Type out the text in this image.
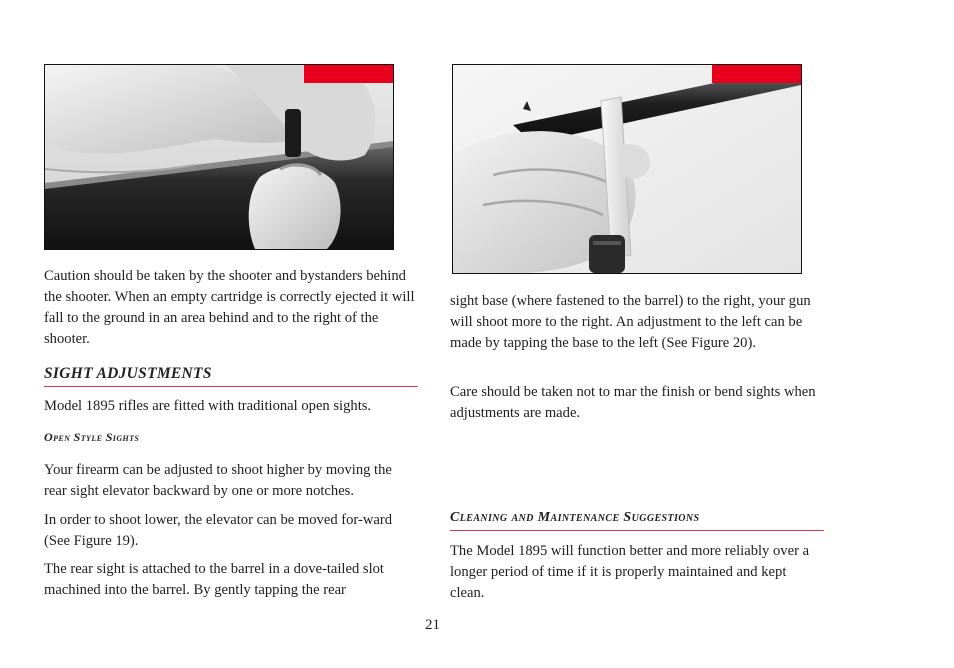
Caution should be taken by the shooter and bystanders behind the shooter. When an empty cartridge is correctly ejected it will fall to the ground in an area behind and to the right of the shooter.

SIGHT ADJUSTMENTS

Model 1895 rifles are fitted with traditional open sights.

Open Style Sights

Your firearm can be adjusted to shoot higher by moving the rear sight elevator backward by one or more notches.

In order to shoot lower, the elevator can be moved for-ward (See Figure 19).

The rear sight is attached to the barrel in a dove-tailed slot machined into the barrel. By gently tapping the rear

sight base (where fastened to the barrel) to the right, your gun will shoot more to the right. An adjustment to the left can be made by tapping the base to the left (See Figure 20).

Care should be taken not to mar the finish or bend sights when adjustments are made.

Cleaning and Maintenance Suggestions

The Model 1895 will function better and more reliably over a longer period of time if it is properly maintained and kept clean.

21
